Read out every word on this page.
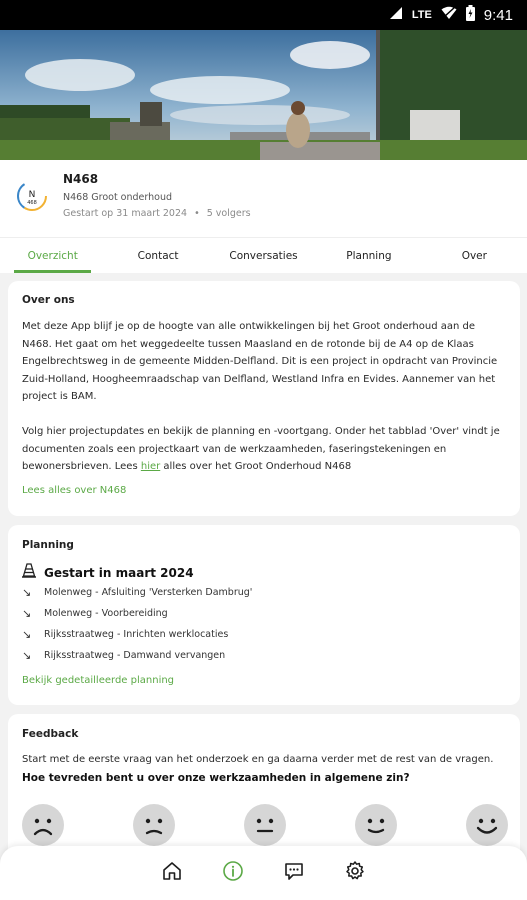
LTE	9:41
N
468
N468
N468 Groot onderhoud
Gestart op 31 maart 2024 • 5 volgers
Overzicht	Contact	Conversaties	Planning	Over
Over ons
Met deze App blijf je op de hoogte van alle ontwikkelingen bij het Groot onderhoud aan de N468. Het gaat om het weggedeelte tussen Maasland en de rotonde bij de A4 op de Klaas Engelbrechtsweg in de gemeente Midden-Delfland. Dit is een project in opdracht van Provincie Zuid-Holland, Hoogheemraadschap van Delfland, Westland Infra en Evides. Aannemer van het project is BAM.
Volg hier projectupdates en bekijk de planning en -voortgang. Onder het tabblad 'Over' vindt je documenten zoals een projectkaart van de werkzaamheden, faseringstekeningen en bewonersbrieven. Lees hier alles over het Groot Onderhoud N468
Lees alles over N468
Planning
Gestart in maart 2024
↘ Molenweg - Afsluiting 'Versterken Dambrug'
↘ Molenweg - Voorbereiding
↘ Rijksstraatweg - Inrichten werklocaties
↘ Rijksstraatweg - Damwand vervangen
Bekijk gedetailleerde planning
Feedback
Start met de eerste vraag van het onderzoek en ga daarna verder met de rest van de vragen.
Hoe tevreden bent u over onze werkzaamheden in algemene zin?
